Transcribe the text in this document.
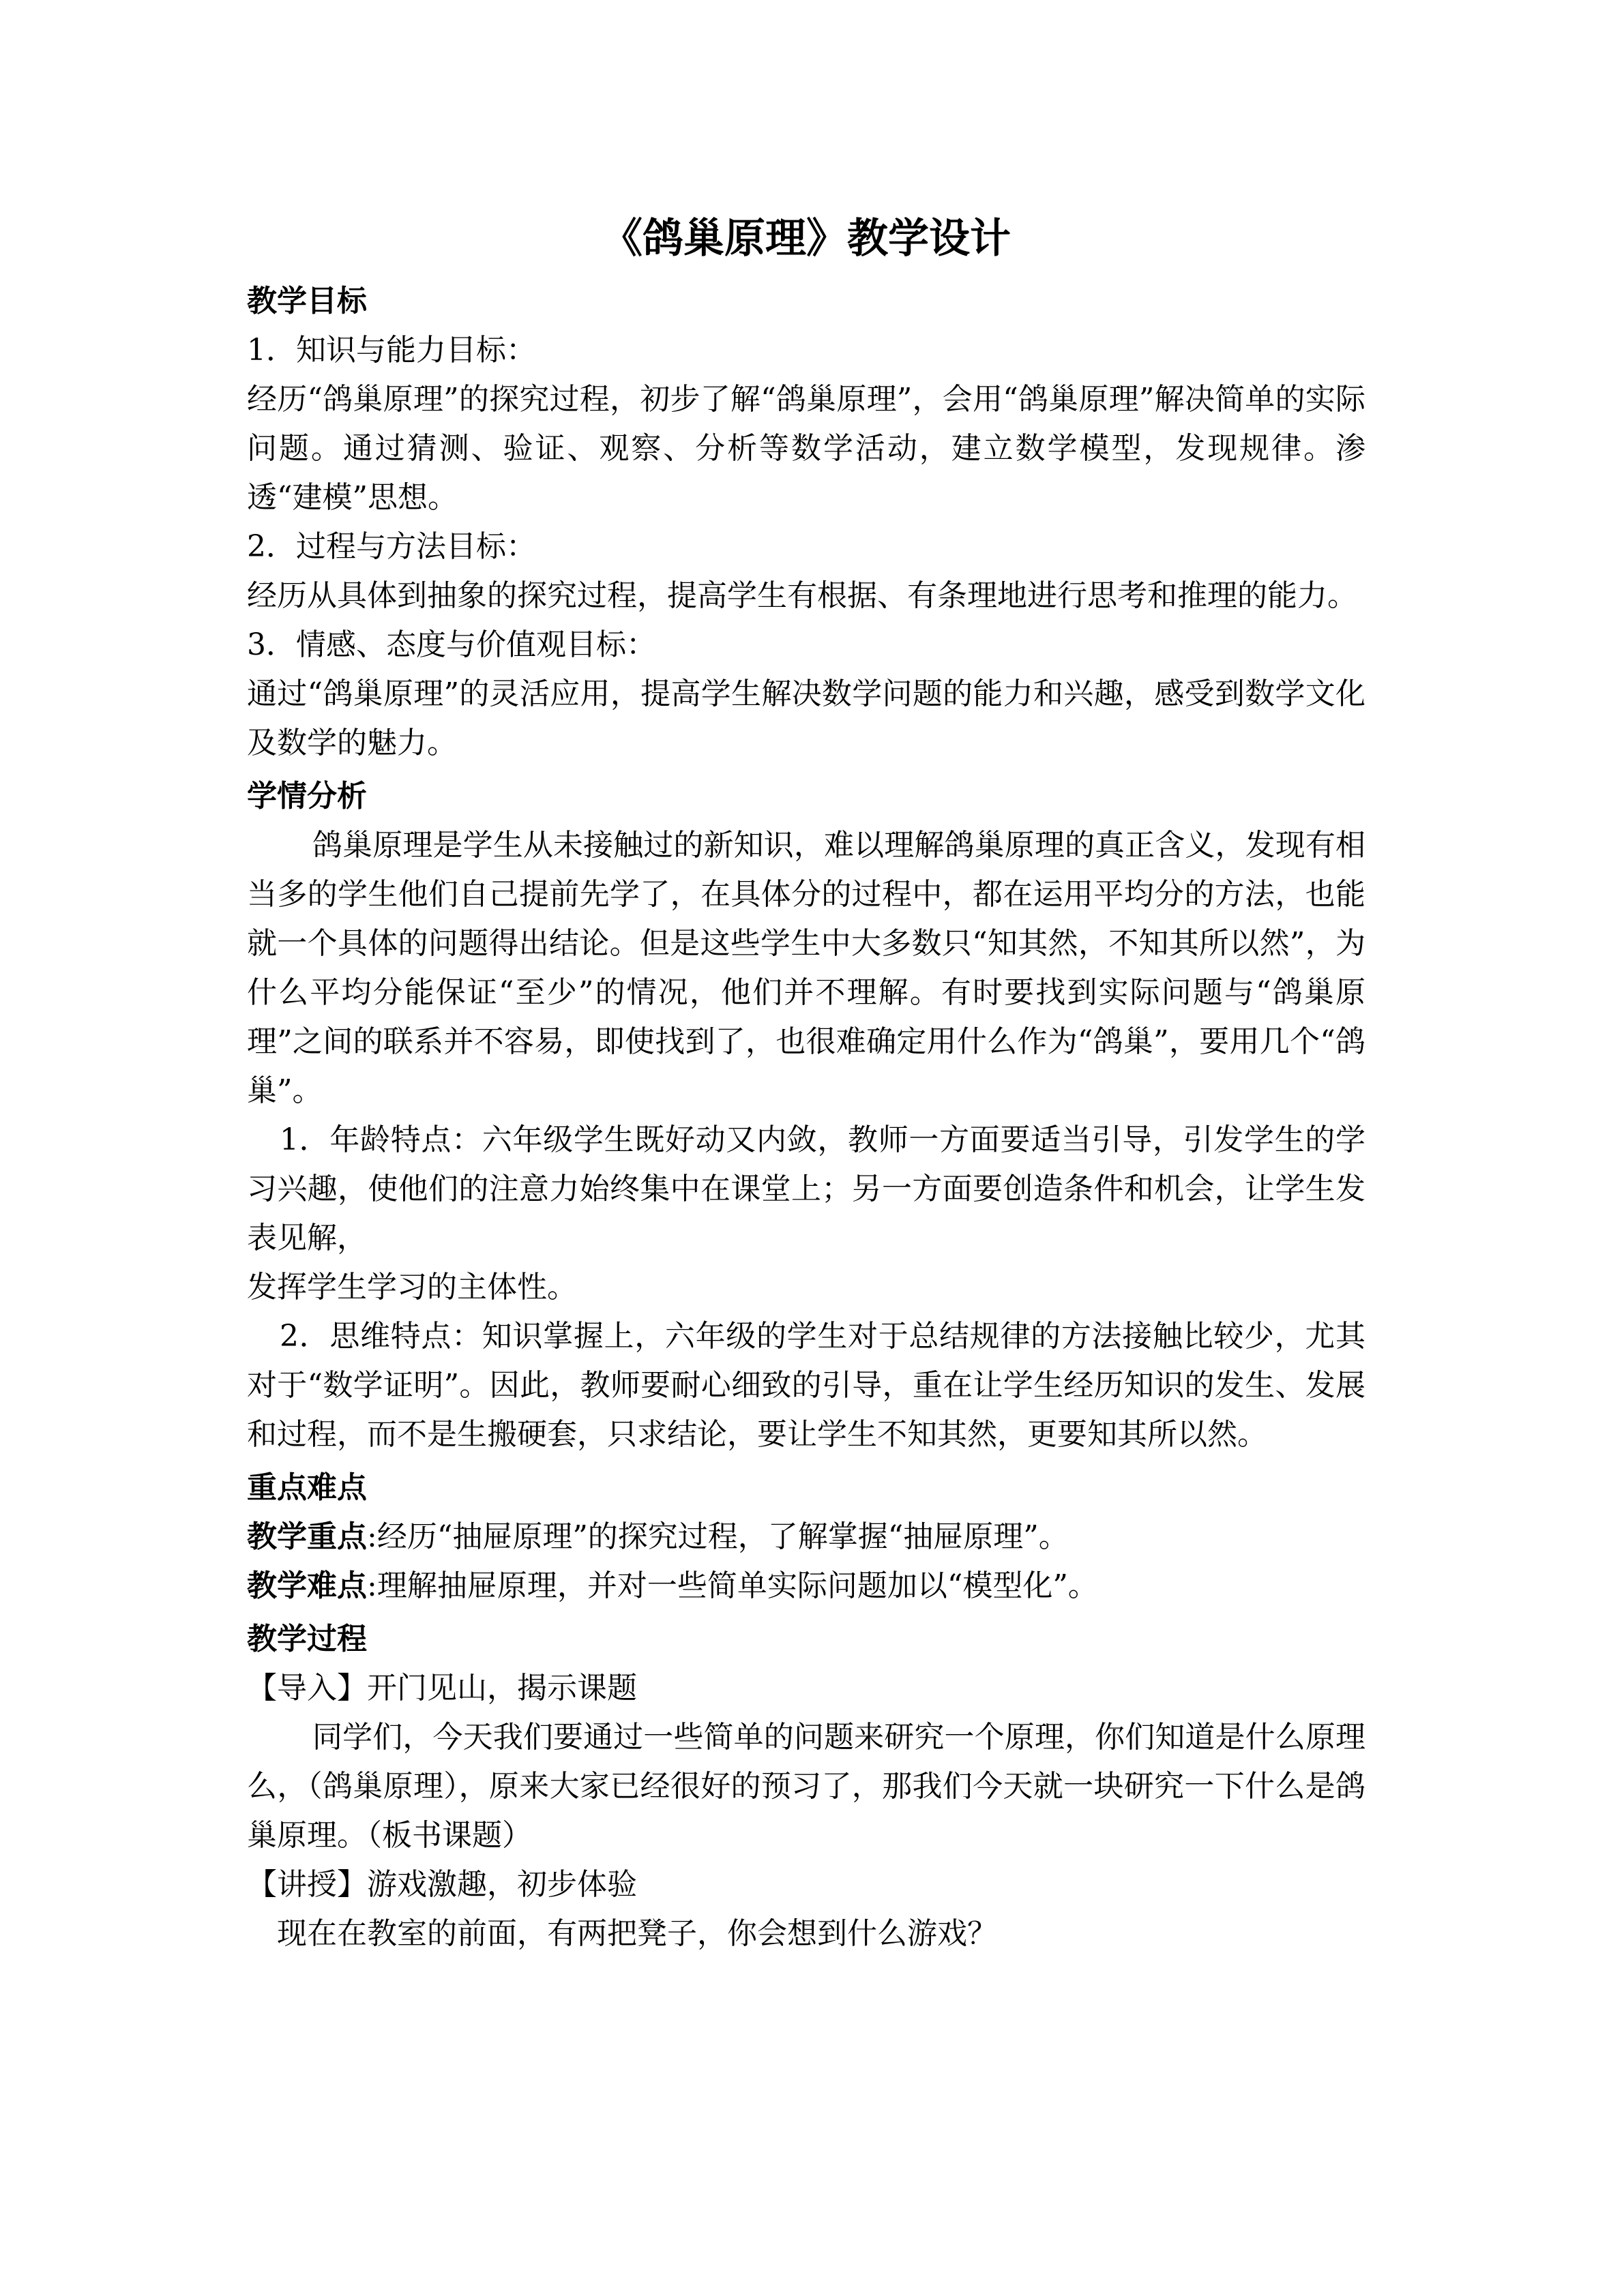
《鸽巢原理》教学设计
教学目标

1．知识与能力目标：

经历“鸽巢原理”的探究过程，初步了解“鸽巢原理”，会用“鸽巢原理”解决简单的实际问题。通过猜测、验证、观察、分析等数学活动，建立数学模型，发现规律。渗透“建模”思想。

2．过程与方法目标：

经历从具体到抽象的探究过程，提高学生有根据、有条理地进行思考和推理的能力。

3．情感、态度与价值观目标：

通过“鸽巢原理”的灵活应用，提高学生解决数学问题的能力和兴趣，感受到数学文化及数学的魅力。

学情分析

鸽巢原理是学生从未接触过的新知识，难以理解鸽巢原理的真正含义，发现有相当多的学生他们自己提前先学了，在具体分的过程中，都在运用平均分的方法，也能就一个具体的问题得出结论。但是这些学生中大多数只“知其然，不知其所以然”，为什么平均分能保证“至少”的情况，他们并不理解。有时要找到实际问题与“鸽巢原理”之间的联系并不容易，即使找到了，也很难确定用什么作为“鸽巢”，要用几个“鸽巢”。

1．年龄特点：六年级学生既好动又内敛，教师一方面要适当引导，引发学生的学习兴趣，使他们的注意力始终集中在课堂上；另一方面要创造条件和机会，让学生发表见解，

发挥学生学习的主体性。

2．思维特点：知识掌握上，六年级的学生对于总结规律的方法接触比较少，尤其对于“数学证明”。因此，教师要耐心细致的引导，重在让学生经历知识的发生、发展和过程，而不是生搬硬套，只求结论，要让学生不知其然，更要知其所以然。

重点难点

教学重点:经历“抽屉原理”的探究过程，了解掌握“抽屉原理”。

教学难点:理解抽屉原理，并对一些简单实际问题加以“模型化”。

教学过程

【导入】开门见山，揭示课题

同学们，今天我们要通过一些简单的问题来研究一个原理，你们知道是什么原理么，（鸽巢原理），原来大家已经很好的预习了，那我们今天就一块研究一下什么是鸽巢原理。（板书课题）

【讲授】游戏激趣，初步体验

现在在教室的前面，有两把凳子，你会想到什么游戏？
